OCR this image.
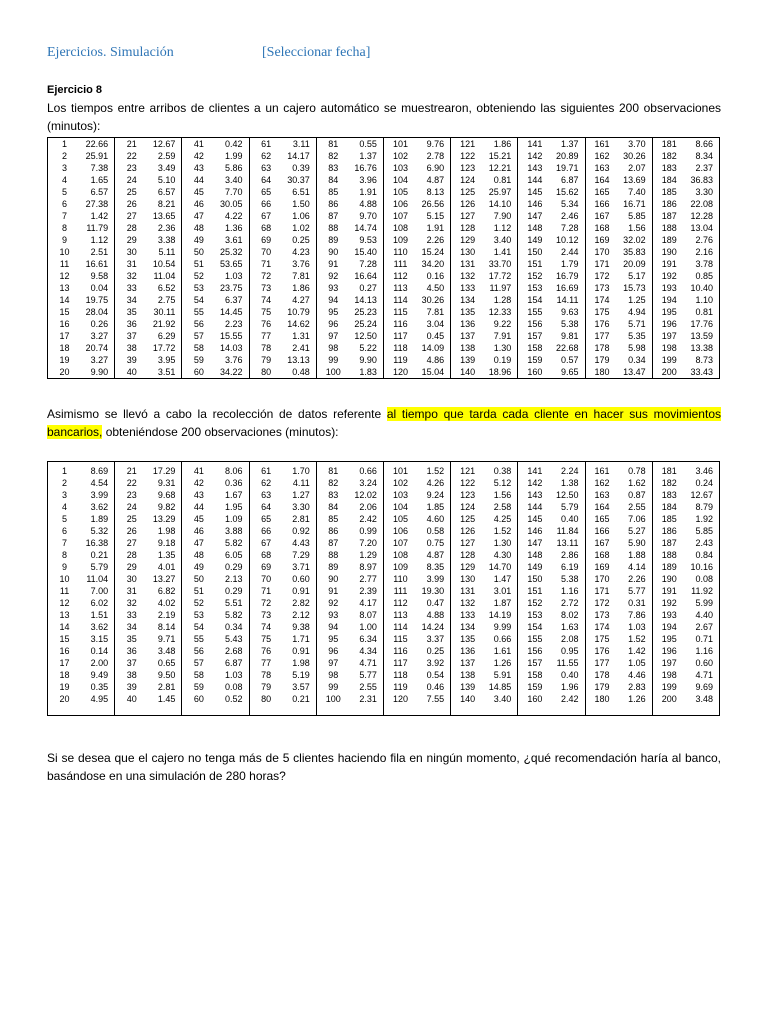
Ejercicios. Simulación	[Seleccionar fecha]
Ejercicio 8
Los tiempos entre arribos de clientes a un cajero automático se muestrearon, obteniendo las siguientes 200 observaciones (minutos):
1	22.66	21	12.67	41	0.42	61	3.11	81	0.55	101	9.76	121	1.86	141	1.37	161	3.70	181	8.66
2	25.91	22	2.59	42	1.99	62	14.17	82	1.37	102	2.78	122	15.21	142	20.89	162	30.26	182	8.34
3	7.38	23	3.49	43	5.86	63	0.39	83	16.76	103	6.90	123	12.21	143	19.71	163	2.07	183	2.37
4	1.65	24	5.10	44	3.40	64	30.37	84	3.96	104	4.87	124	0.81	144	6.87	164	13.69	184	36.83
5	6.57	25	6.57	45	7.70	65	6.51	85	1.91	105	8.13	125	25.97	145	15.62	165	7.40	185	3.30
6	27.38	26	8.21	46	30.05	66	1.50	86	4.88	106	26.56	126	14.10	146	5.34	166	16.71	186	22.08
7	1.42	27	13.65	47	4.22	67	1.06	87	9.70	107	5.15	127	7.90	147	2.46	167	5.85	187	12.28
8	11.79	28	2.36	48	1.36	68	1.02	88	14.74	108	1.91	128	1.12	148	7.28	168	1.56	188	13.04
9	1.12	29	3.38	49	3.61	69	0.25	89	9.53	109	2.26	129	3.40	149	10.12	169	32.02	189	2.76
10	2.51	30	5.11	50	25.32	70	4.23	90	15.40	110	15.24	130	1.41	150	2.44	170	35.83	190	2.16
11	16.61	31	10.54	51	53.65	71	3.76	91	7.28	111	34.20	131	33.70	151	1.79	171	20.09	191	3.78
12	9.58	32	11.04	52	1.03	72	7.81	92	16.64	112	0.16	132	17.72	152	16.79	172	5.17	192	0.85
13	0.04	33	6.52	53	23.75	73	1.86	93	0.27	113	4.50	133	11.97	153	16.69	173	15.73	193	10.40
14	19.75	34	2.75	54	6.37	74	4.27	94	14.13	114	30.26	134	1.28	154	14.11	174	1.25	194	1.10
15	28.04	35	30.11	55	14.45	75	10.79	95	25.23	115	7.81	135	12.33	155	9.63	175	4.94	195	0.81
16	0.26	36	21.92	56	2.23	76	14.62	96	25.24	116	3.04	136	9.22	156	5.38	176	5.71	196	17.76
17	3.27	37	6.29	57	15.55	77	1.31	97	12.50	117	0.45	137	7.91	157	9.81	177	5.35	197	13.59
18	20.74	38	17.72	58	14.03	78	2.41	98	5.22	118	14.09	138	1.30	158	22.68	178	5.98	198	13.38
19	3.27	39	3.95	59	3.76	79	13.13	99	9.90	119	4.86	139	0.19	159	0.57	179	0.34	199	8.73
20	9.90	40	3.51	60	34.22	80	0.48	100	1.83	120	15.04	140	18.96	160	9.65	180	13.47	200	33.43
Asimismo se llevó a cabo la recolección de datos referente al tiempo que tarda cada cliente en hacer sus movimientos bancarios, obteniéndose 200 observaciones (minutos):
1	8.69	21	17.29	41	8.06	61	1.70	81	0.66	101	1.52	121	0.38	141	2.24	161	0.78	181	3.46
2	4.54	22	9.31	42	0.36	62	4.11	82	3.24	102	4.26	122	5.12	142	1.38	162	1.62	182	0.24
3	3.99	23	9.68	43	1.67	63	1.27	83	12.02	103	9.24	123	1.56	143	12.50	163	0.87	183	12.67
4	3.62	24	9.82	44	1.95	64	3.30	84	2.06	104	1.85	124	2.58	144	5.79	164	2.55	184	8.79
5	1.89	25	13.29	45	1.09	65	2.81	85	2.42	105	4.60	125	4.25	145	0.40	165	7.06	185	1.92
6	5.32	26	1.98	46	3.88	66	0.92	86	0.99	106	0.58	126	1.52	146	11.84	166	5.27	186	5.85
7	16.38	27	9.18	47	5.82	67	4.43	87	7.20	107	0.75	127	1.30	147	13.11	167	5.90	187	2.43
8	0.21	28	1.35	48	6.05	68	7.29	88	1.29	108	4.87	128	4.30	148	2.86	168	1.88	188	0.84
9	5.79	29	4.01	49	0.29	69	3.71	89	8.97	109	8.35	129	14.70	149	6.19	169	4.14	189	10.16
10	11.04	30	13.27	50	2.13	70	0.60	90	2.77	110	3.99	130	1.47	150	5.38	170	2.26	190	0.08
11	7.00	31	6.82	51	0.29	71	0.91	91	2.39	111	19.30	131	3.01	151	1.16	171	5.77	191	11.92
12	6.02	32	4.02	52	5.51	72	2.82	92	4.17	112	0.47	132	1.87	152	2.72	172	0.31	192	5.99
13	1.51	33	2.19	53	5.82	73	2.12	93	8.07	113	4.88	133	14.19	153	8.02	173	7.86	193	4.40
14	3.62	34	8.14	54	0.34	74	9.38	94	1.00	114	14.24	134	9.99	154	1.63	174	1.03	194	2.67
15	3.15	35	9.71	55	5.43	75	1.71	95	6.34	115	3.37	135	0.66	155	2.08	175	1.52	195	0.71
16	0.14	36	3.48	56	2.68	76	0.91	96	4.34	116	0.25	136	1.61	156	0.95	176	1.42	196	1.16
17	2.00	37	0.65	57	6.87	77	1.98	97	4.71	117	3.92	137	1.26	157	11.55	177	1.05	197	0.60
18	9.49	38	9.50	58	1.03	78	5.19	98	5.77	118	0.54	138	5.91	158	0.40	178	4.46	198	4.71
19	0.35	39	2.81	59	0.08	79	3.57	99	2.55	119	0.46	139	14.85	159	1.96	179	2.83	199	9.69
20	4.95	40	1.45	60	0.52	80	0.21	100	2.31	120	7.55	140	3.40	160	2.42	180	1.26	200	3.48

Si se desea que el cajero no tenga más de 5 clientes haciendo fila en ningún momento, ¿qué recomendación haría al banco, basándose en una simulación de 280 horas?
